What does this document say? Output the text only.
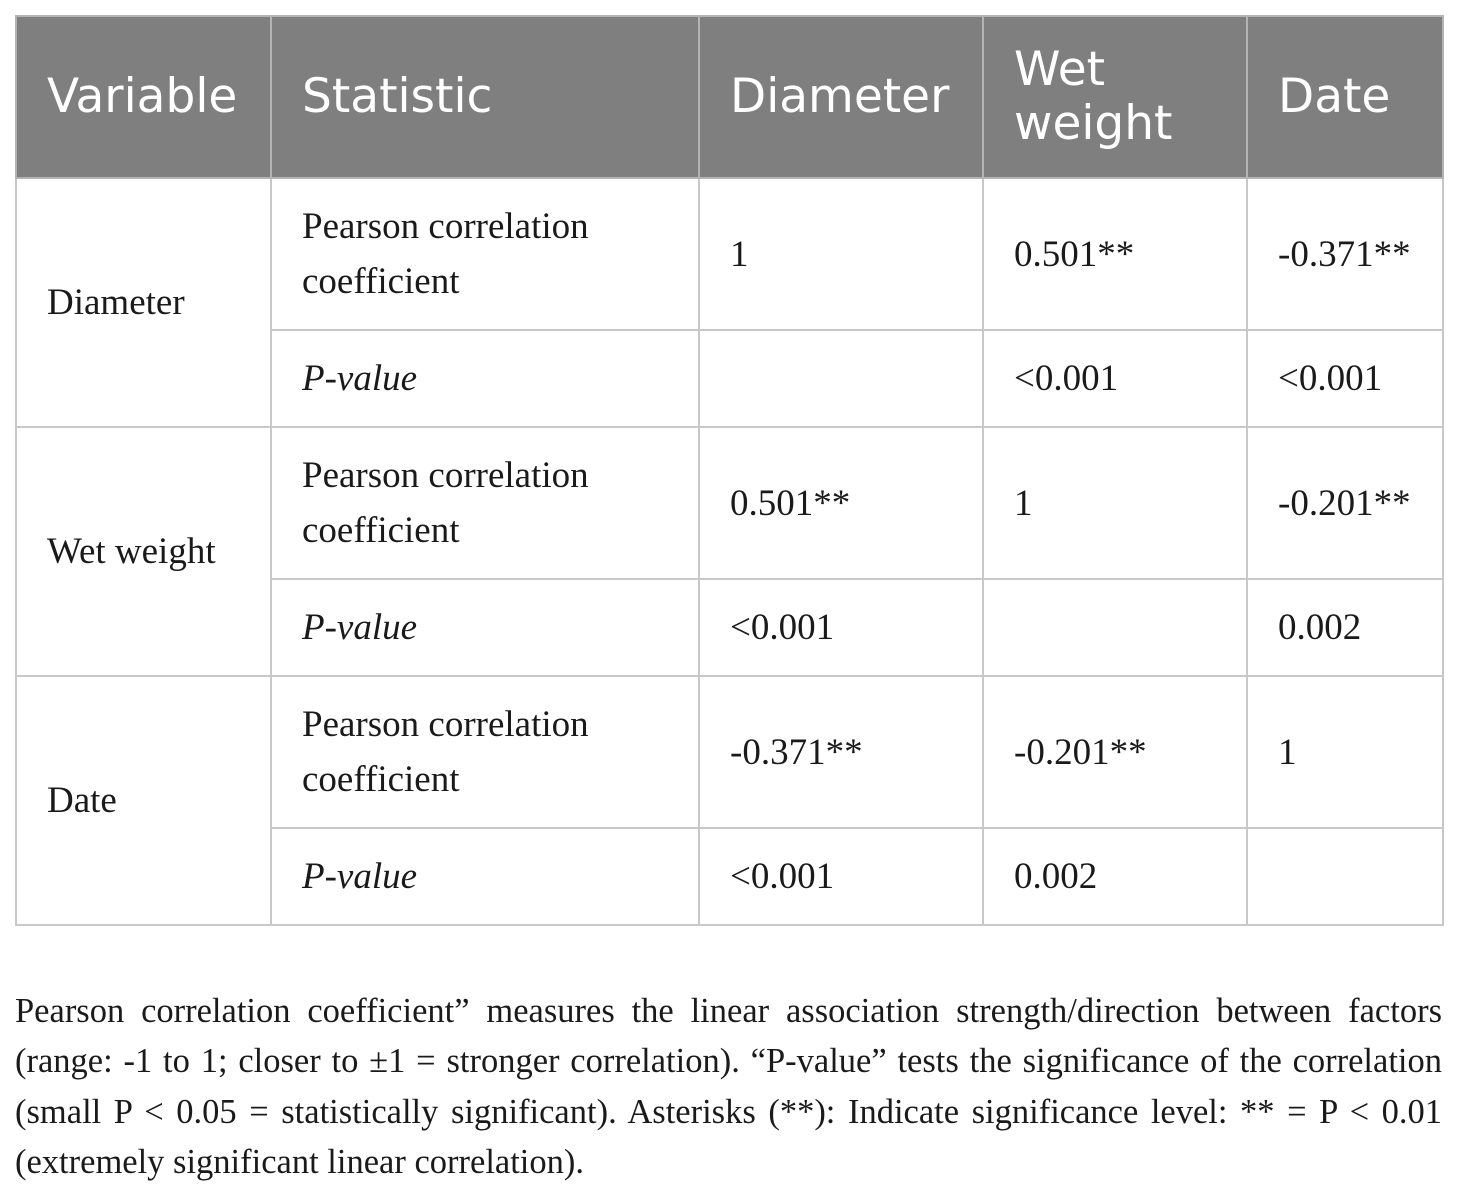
Variable	Statistic	Diameter	Wet weight	Date
Diameter	Pearson correlation coefficient	1	0.501**	-0.371**
	P-value		<0.001	<0.001
Wet weight	Pearson correlation coefficient	0.501**	1	-0.201**
	P-value	<0.001		0.002
Date	Pearson correlation coefficient	-0.371**	-0.201**	1
	P-value	<0.001	0.002	

Pearson correlation coefficient” measures the linear association strength/direction between factors (range: -1 to 1; closer to ±1 = stronger correlation). “P-value” tests the significance of the correlation (small P < 0.05 = statistically significant). Asterisks (**): Indicate significance level: ** = P < 0.01 (extremely significant linear correlation).
